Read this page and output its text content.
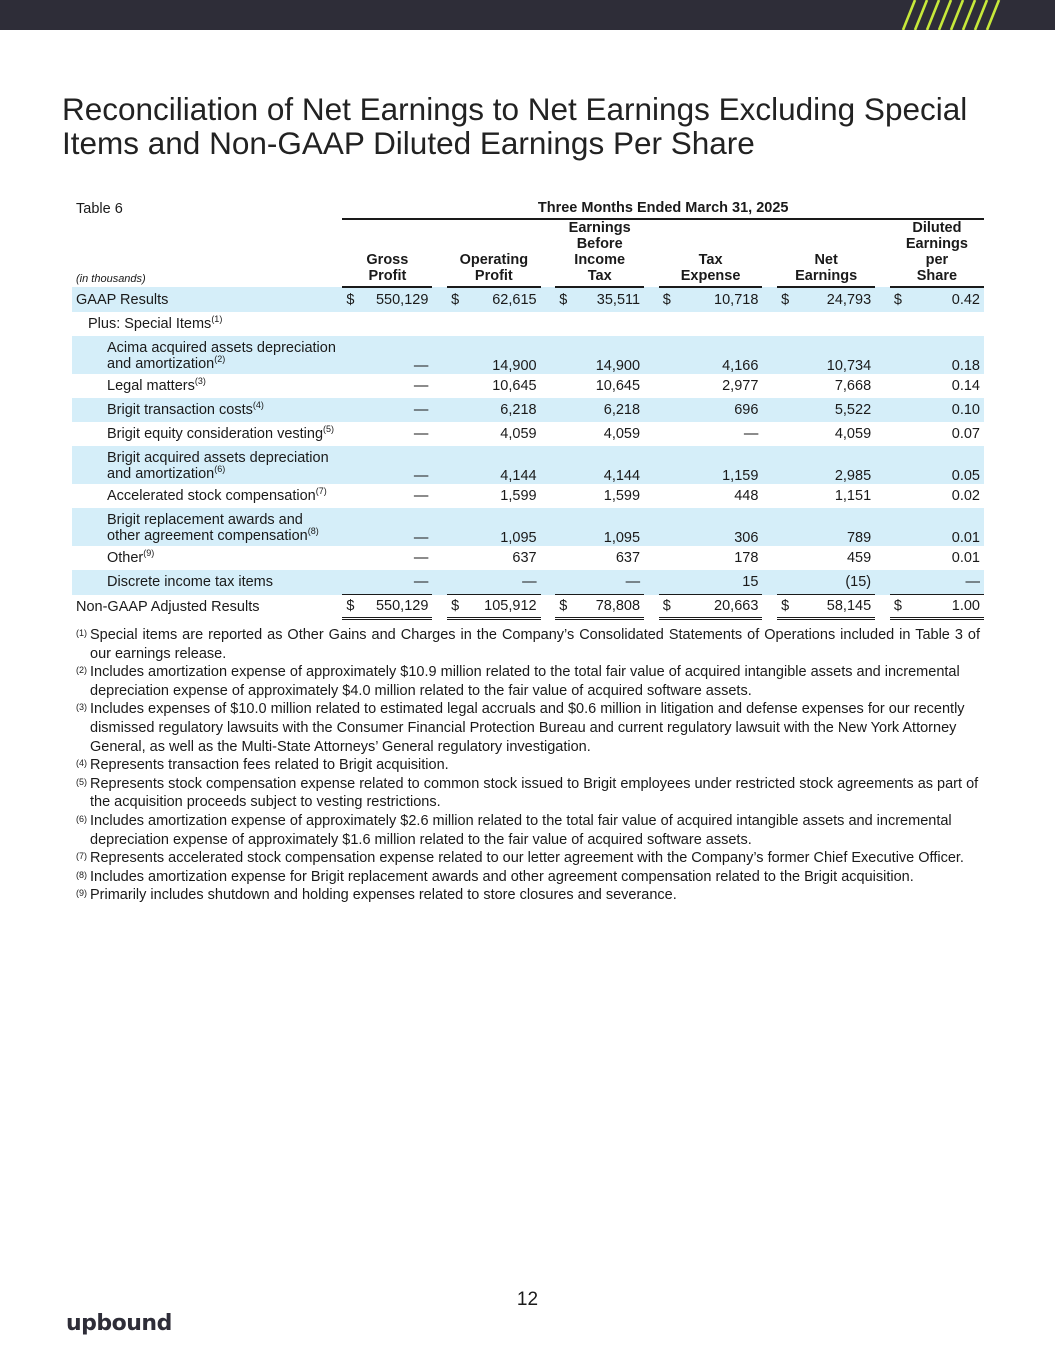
Reconciliation of Net Earnings to Net Earnings Excluding Special Items and Non-GAAP Diluted Earnings Per Share
Table 6	Three Months Ended March 31, 2025																
(in thousands)	Gross Profit			Operating Profit			Earnings Before Income Tax			Tax Expense			Net Earnings			Diluted Earnings per Share	
GAAP Results	$	550,129		$	62,615		$	35,511		$	10,718		$	24,793		$	0.42
Plus: Special Items$^{(1)}$	
Acima acquired assets depreciation and amortization$^{(2)}$		—			14,900			14,900			4,166			10,734			0.18
Legal matters$^{(3)}$		—			10,645			10,645			2,977			7,668			0.14
Brigit transaction costs$^{(4)}$		—			6,218			6,218			696			5,522			0.10
Brigit equity consideration vesting$^{(5)}$		—			4,059			4,059			—			4,059			0.07
Brigit acquired assets depreciation and amortization$^{(6)}$		—			4,144			4,144			1,159			2,985			0.05
Accelerated stock compensation$^{(7)}$		—			1,599			1,599			448			1,151			0.02
Brigit replacement awards and other agreement compensation$^{(8)}$		—			1,095			1,095			306			789			0.01
Other$^{(9)}$		—			637			637			178			459			0.01
Discrete income tax items		—			—			—			15			(15)			—
Non-GAAP Adjusted Results	$	550,129		$	105,912		$	78,808		$	20,663		$	58,145		$	1.00
(1) Special items are reported as Other Gains and Charges in the Company’s Consolidated Statements of Operations included in Table 3 of our earnings release.
(2) Includes amortization expense of approximately $10.9 million related to the total fair value of acquired intangible assets and incremental depreciation expense of approximately $4.0 million related to the fair value of acquired software assets.
(3) Includes expenses of $10.0 million related to estimated legal accruals and $0.6 million in litigation and defense expenses for our recently dismissed regulatory lawsuits with the Consumer Financial Protection Bureau and current regulatory lawsuit with the New York Attorney General, as well as the Multi-State Attorneys’ General regulatory investigation.
(4) Represents transaction fees related to Brigit acquisition.
(5) Represents stock compensation expense related to common stock issued to Brigit employees under restricted stock agreements as part of the acquisition proceeds subject to vesting restrictions.
(6) Includes amortization expense of approximately $2.6 million related to the total fair value of acquired intangible assets and incremental depreciation expense of approximately $1.6 million related to the fair value of acquired software assets.
(7) Represents accelerated stock compensation expense related to our letter agreement with the Company’s former Chief Executive Officer.
(8) Includes amortization expense for Brigit replacement awards and other agreement compensation related to the Brigit acquisition.
(9) Primarily includes shutdown and holding expenses related to store closures and severance.
12
upbound
